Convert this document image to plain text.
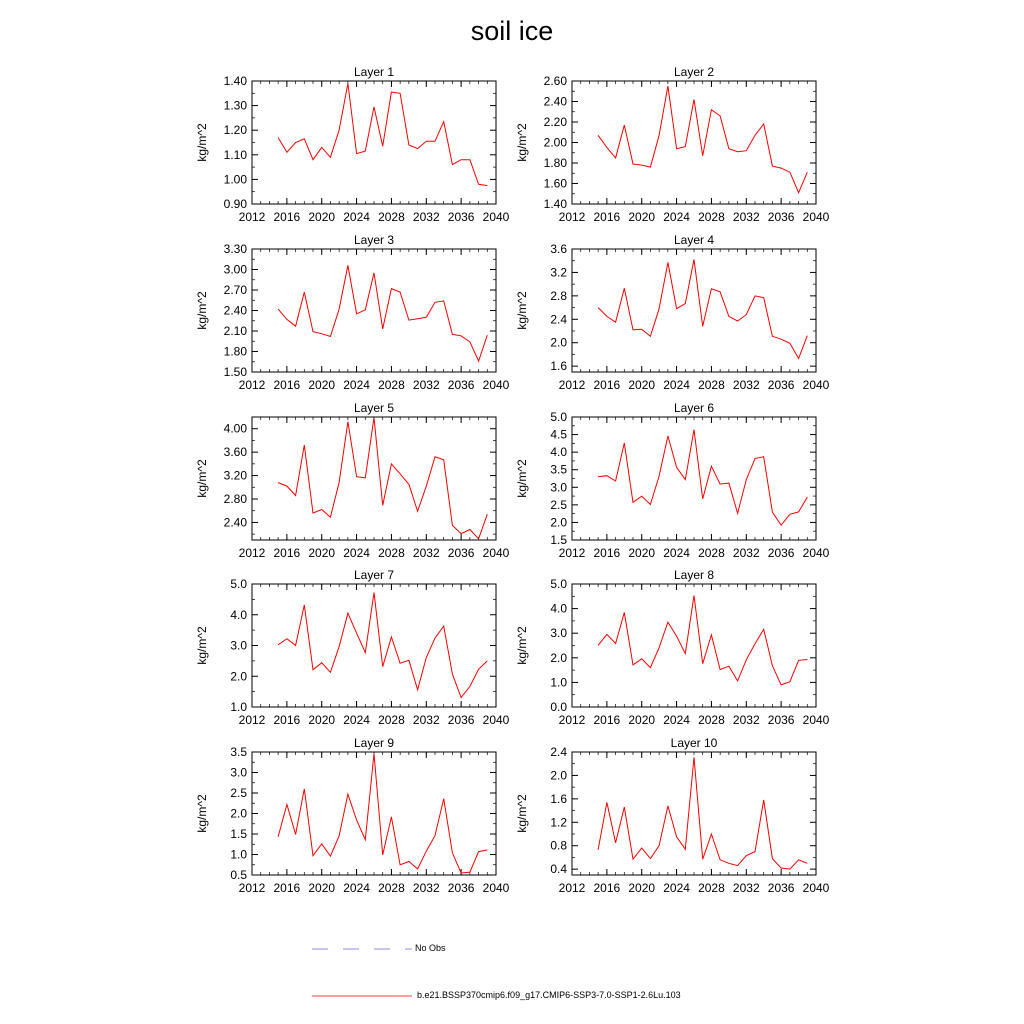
soil ice
2012 2016 2020 2024 2028 2032 2036 2040
0.90
1.00
1.10
1.20
1.30
1.40
Layer 1
kg/m^2
2012 2016 2020 2024 2028 2032 2036 2040
1.40
1.60
1.80
2.00
2.20
2.40
2.60
Layer 2
kg/m^2
2012 2016 2020 2024 2028 2032 2036 2040
1.50
1.80
2.10
2.40
2.70
3.00
3.30
Layer 3
kg/m^2
2012 2016 2020 2024 2028 2032 2036 2040
1.6
2.0
2.4
2.8
3.2
3.6
Layer 4
kg/m^2
2012 2016 2020 2024 2028 2032 2036 2040
2.40
2.80
3.20
3.60
4.00
Layer 5
kg/m^2
2012 2016 2020 2024 2028 2032 2036 2040
1.5
2.0
2.5
3.0
3.5
4.0
4.5
5.0
Layer 6
kg/m^2
2012 2016 2020 2024 2028 2032 2036 2040
1.0
2.0
3.0
4.0
5.0
Layer 7
kg/m^2
2012 2016 2020 2024 2028 2032 2036 2040
0.0
1.0
2.0
3.0
4.0
5.0
Layer 8
kg/m^2
2012 2016 2020 2024 2028 2032 2036 2040
0.5
1.0
1.5
2.0
2.5
3.0
3.5
Layer 9
kg/m^2
2012 2016 2020 2024 2028 2032 2036 2040
0.4
0.8
1.2
1.6
2.0
2.4
Layer 10
kg/m^2
No Obs
b.e21.BSSP370cmip6.f09_g17.CMIP6-SSP3-7.0-SSP1-2.6Lu.103
